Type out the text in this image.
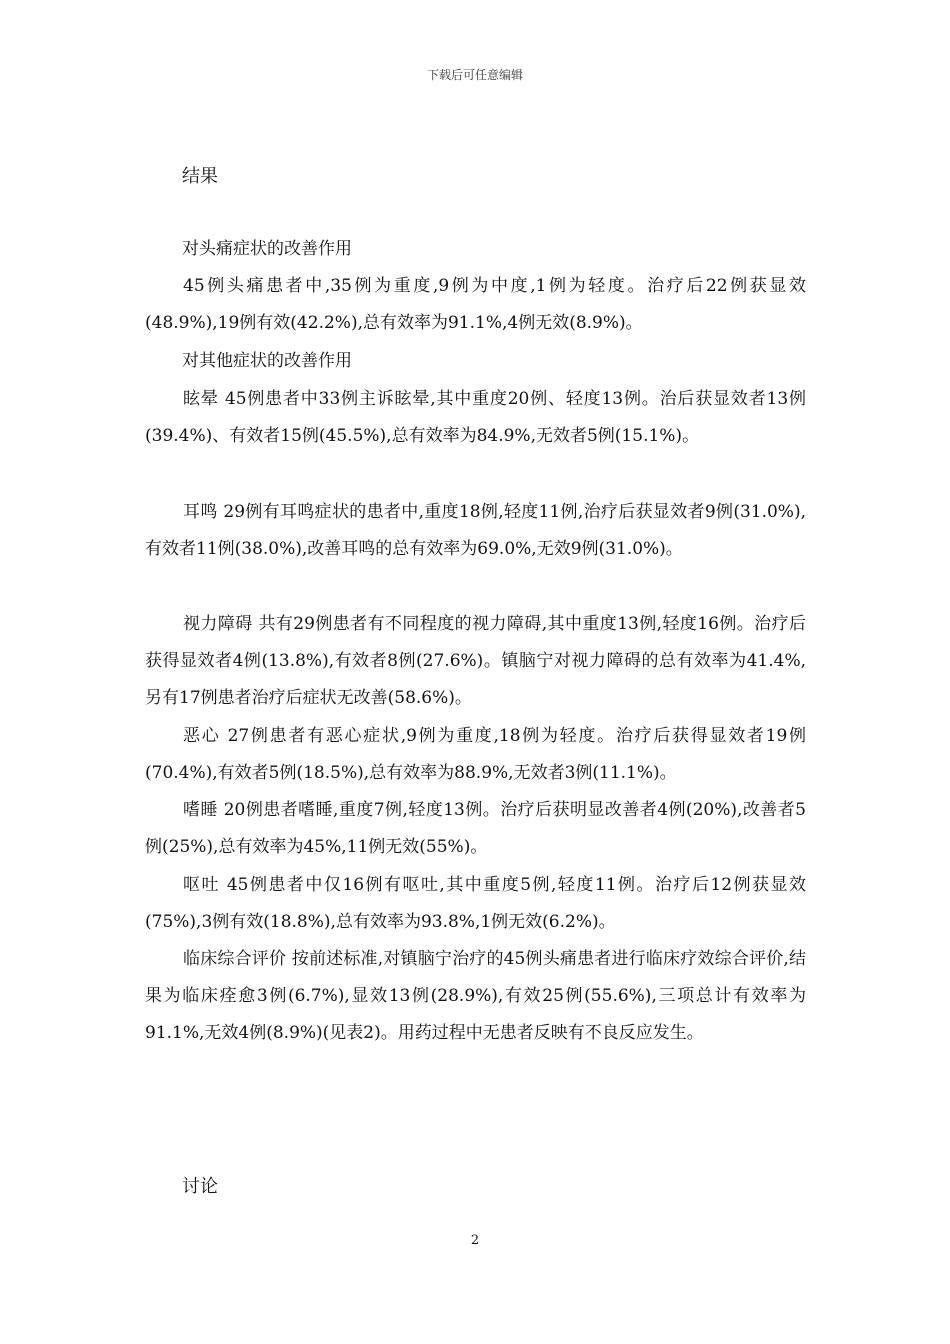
下载后可任意编辑
结果
对头痛症状的改善作用

45例头痛患者中,35例为重度,9例为中度,1例为轻度。治疗后22例获显效(48.9%),19例有效(42.2%),总有效率为91.1%,4例无效(8.9%)。

对其他症状的改善作用

眩晕 45例患者中33例主诉眩晕,其中重度20例、轻度13例。治后获显效者13例(39.4%)、有效者15例(45.5%),总有效率为84.9%,无效者5例(15.1%)。

耳鸣 29例有耳鸣症状的患者中,重度18例,轻度11例,治疗后获显效者9例(31.0%),有效者11例(38.0%),改善耳鸣的总有效率为69.0%,无效9例(31.0%)。

视力障碍 共有29例患者有不同程度的视力障碍,其中重度13例,轻度16例。治疗后获得显效者4例(13.8%),有效者8例(27.6%)。镇脑宁对视力障碍的总有效率为41.4%,另有17例患者治疗后症状无改善(58.6%)。

恶心 27例患者有恶心症状,9例为重度,18例为轻度。治疗后获得显效者19例(70.4%),有效者5例(18.5%),总有效率为88.9%,无效者3例(11.1%)。

嗜睡 20例患者嗜睡,重度7例,轻度13例。治疗后获明显改善者4例(20%),改善者5例(25%),总有效率为45%,11例无效(55%)。

呕吐 45例患者中仅16例有呕吐,其中重度5例,轻度11例。治疗后12例获显效(75%),3例有效(18.8%),总有效率为93.8%,1例无效(6.2%)。

临床综合评价 按前述标准,对镇脑宁治疗的45例头痛患者进行临床疗效综合评价,结果为临床痊愈3例(6.7%),显效13例(28.9%),有效25例(55.6%),三项总计有效率为91.1%,无效4例(8.9%)(见表2)。用药过程中无患者反映有不良反应发生。

讨论
2
